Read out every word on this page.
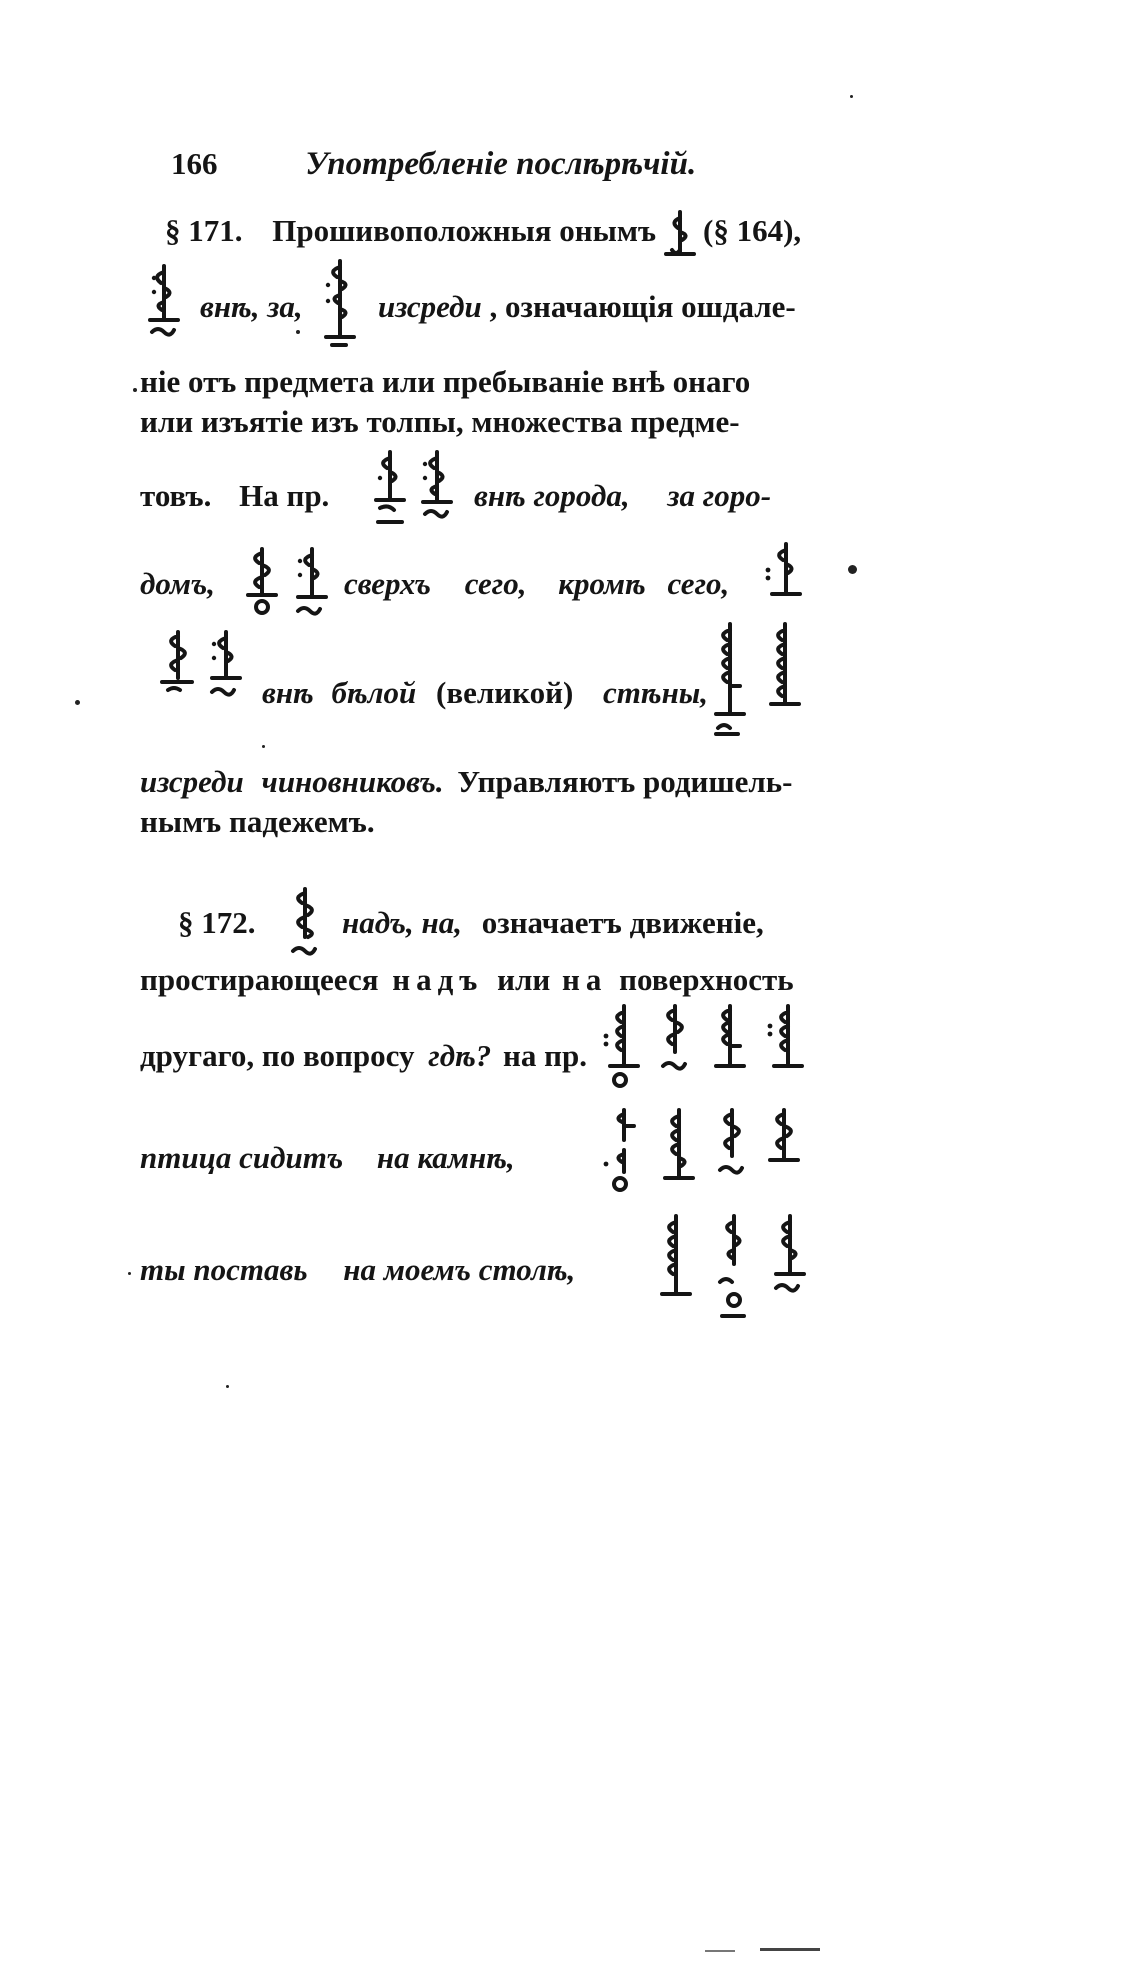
166	Употребленіе послѣрѣчій.
§ 171. Прошивоположныя онымъ (§ 164),
внѣ, за, изсреди , означающія ошдале-
ніе отъ предмета или пребываніе внѣ онаго
или изъятіе изъ толпы, множества предме-
товъ. На пр.	внѣ города, за горо-
домъ,	сверхъ сего, кромѣ сего,
внѣ бѣлой (великой) стѣны,
изсреди чиновниковъ. Управляютъ родишель-
нымъ падежемъ.
§ 172.	надъ, на, означаетъ движеніе,
простирающееся надъ или на поверхность
другаго, по вопросу гдѣ? на пр.
птица сидитъ на камнѣ,
ты поставь на моемъ столѣ,
